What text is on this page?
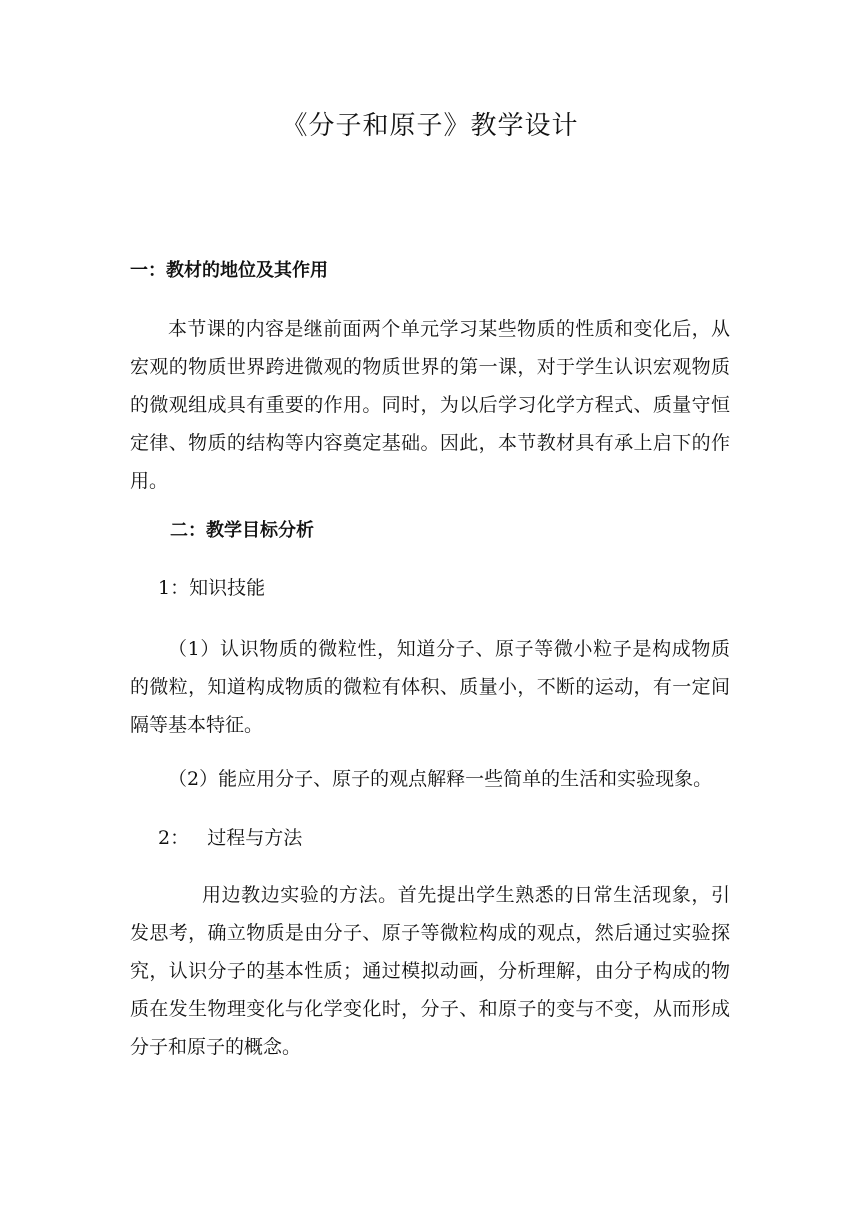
《分子和原子》教学设计
一：教材的地位及其作用

本节课的内容是继前面两个单元学习某些物质的性质和变化后，从宏观的物质世界跨进微观的物质世界的第一课，对于学生认识宏观物质的微观组成具有重要的作用。同时，为以后学习化学方程式、质量守恒定律、物质的结构等内容奠定基础。因此，本节教材具有承上启下的作用。

二：教学目标分析
1：知识技能

（1）认识物质的微粒性，知道分子、原子等微小粒子是构成物质的微粒，知道构成物质的微粒有体积、质量小，不断的运动，有一定间隔等基本特征。

（2）能应用分子、原子的观点解释一些简单的生活和实验现象。

2：   过程与方法

用边教边实验的方法。首先提出学生熟悉的日常生活现象，引发思考，确立物质是由分子、原子等微粒构成的观点，然后通过实验探究，认识分子的基本性质；通过模拟动画，分析理解，由分子构成的物质在发生物理变化与化学变化时，分子、和原子的变与不变，从而形成分子和原子的概念。
